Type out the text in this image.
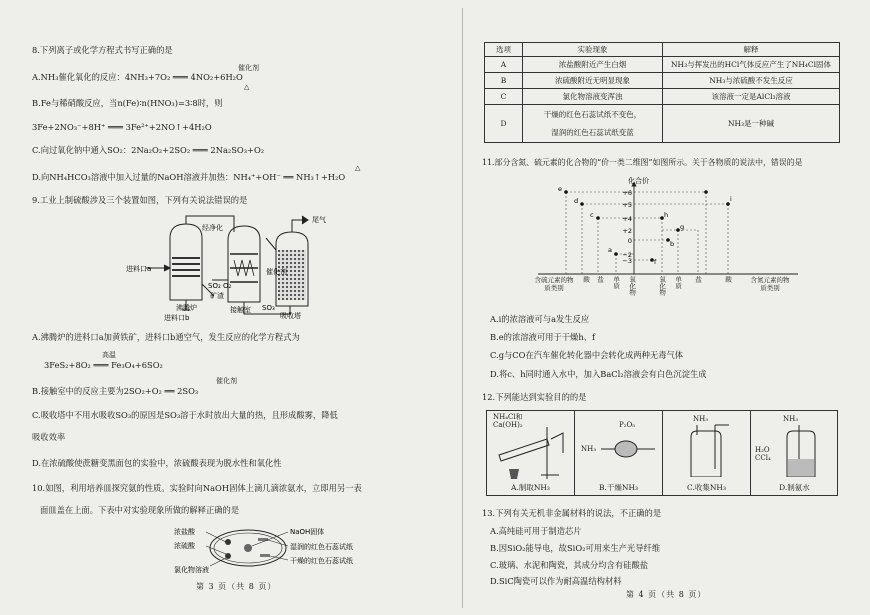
8.下列离子或化学方程式书写正确的是
催化剂
A.NH₃催化氧化的反应：4NH₃+7O₂ ═══ 4NO₂+6H₂O
△
B.Fe与稀硝酸反应，当n(Fe)∶n(HNO₃)=3∶8时，则
3Fe+2NO₃⁻+8H⁺ ═══ 3Fe²⁺+2NO↑+4H₂O
C.向过氧化钠中通入SO₂：2Na₂O₂+2SO₂ ═══ 2Na₂SO₃+O₂
△
D.向NH₄HCO₃溶液中加入过量的NaOH溶液并加热：NH₄⁺+OH⁻ ══ NH₃↑+H₂O
9.工业上制硫酸涉及三个装置如图，下列有关说法错误的是
进料口a
进料口b
沸腾炉
矿渣
经净化
催化剂
SO₂ O₂
SO₃
接触室
尾气
吸收塔
A.沸腾炉的进料口a加黄铁矿，进料口b通空气，发生反应的化学方程式为
高温
3FeS₂+8O₂ ═══ Fe₃O₄+6SO₂
催化剂
B.接触室中的反应主要为2SO₂+O₂ ══ 2SO₃
C.吸收塔中不用水吸收SO₃的原因是SO₃溶于水时放出大量的热，且形成酸雾，降低
吸收效率
D.在浓硫酸使蔗糖变黑面包的实验中，浓硫酸表现为脱水性和氧化性
10.如图，利用培养皿探究氨的性质。实验时向NaOH固体上滴几滴浓氨水，立即用另一表
面皿盖在上面。下表中对实验现象所做的解释正确的是
浓盐酸
浓硫酸
氯化物溶液
NaOH固体
湿润的红色石蕊试纸
干燥的红色石蕊试纸
第 3 页（共 8 页）
选项	实验现象	解释
A	浓盐酸附近产生白烟	NH₃与挥发出的HCl气体反应产生了NH₄Cl固体
B	浓硫酸附近无明显现象	NH₃与浓硫酸不发生反应
C	氯化物溶液变浑浊	该溶液一定是AlCl₃溶液
D	干燥的红色石蕊试纸不变色，
湿润的红色石蕊试纸变蓝	NH₃是一种碱
11.部分含氮、硫元素的化合物的“价一类二维图”如图所示。关于各物质的说法中，错误的是
化合价
+6
+5
+4
+2
0
−2
−3
e
d
c
a
h
g
b
f
i
含硫元素的物质类别
酸 盐 单质 氧化物	氧化物 单质 盐	酸	含氮元素的物质类别
A.i的浓溶液可与a发生反应
B.e的浓溶液可用于干燥h、f
C.g与CO在汽车催化转化器中会转化成两种无毒气体
D.将c、h同时通入水中，加入BaCl₂溶液会有白色沉淀生成
12.下列能达到实验目的的是
NH₄Cl和Ca(OH)₂
A.制取NH₃
P₂O₅
NH₃
B.干燥NH₃
NH₃
C.收集NH₃
NH₃
H₂O CCl₄
D.制氨水
13.下列有关无机非金属材料的说法，不正确的是
A.高纯硅可用于制造芯片
B.因SiO₂能导电，故SiO₂可用来生产光导纤维
C.玻璃、水泥和陶瓷，其成分均含有硅酸盐
D.SiC陶瓷可以作为耐高温结构材料
第 4 页（共 8 页）
